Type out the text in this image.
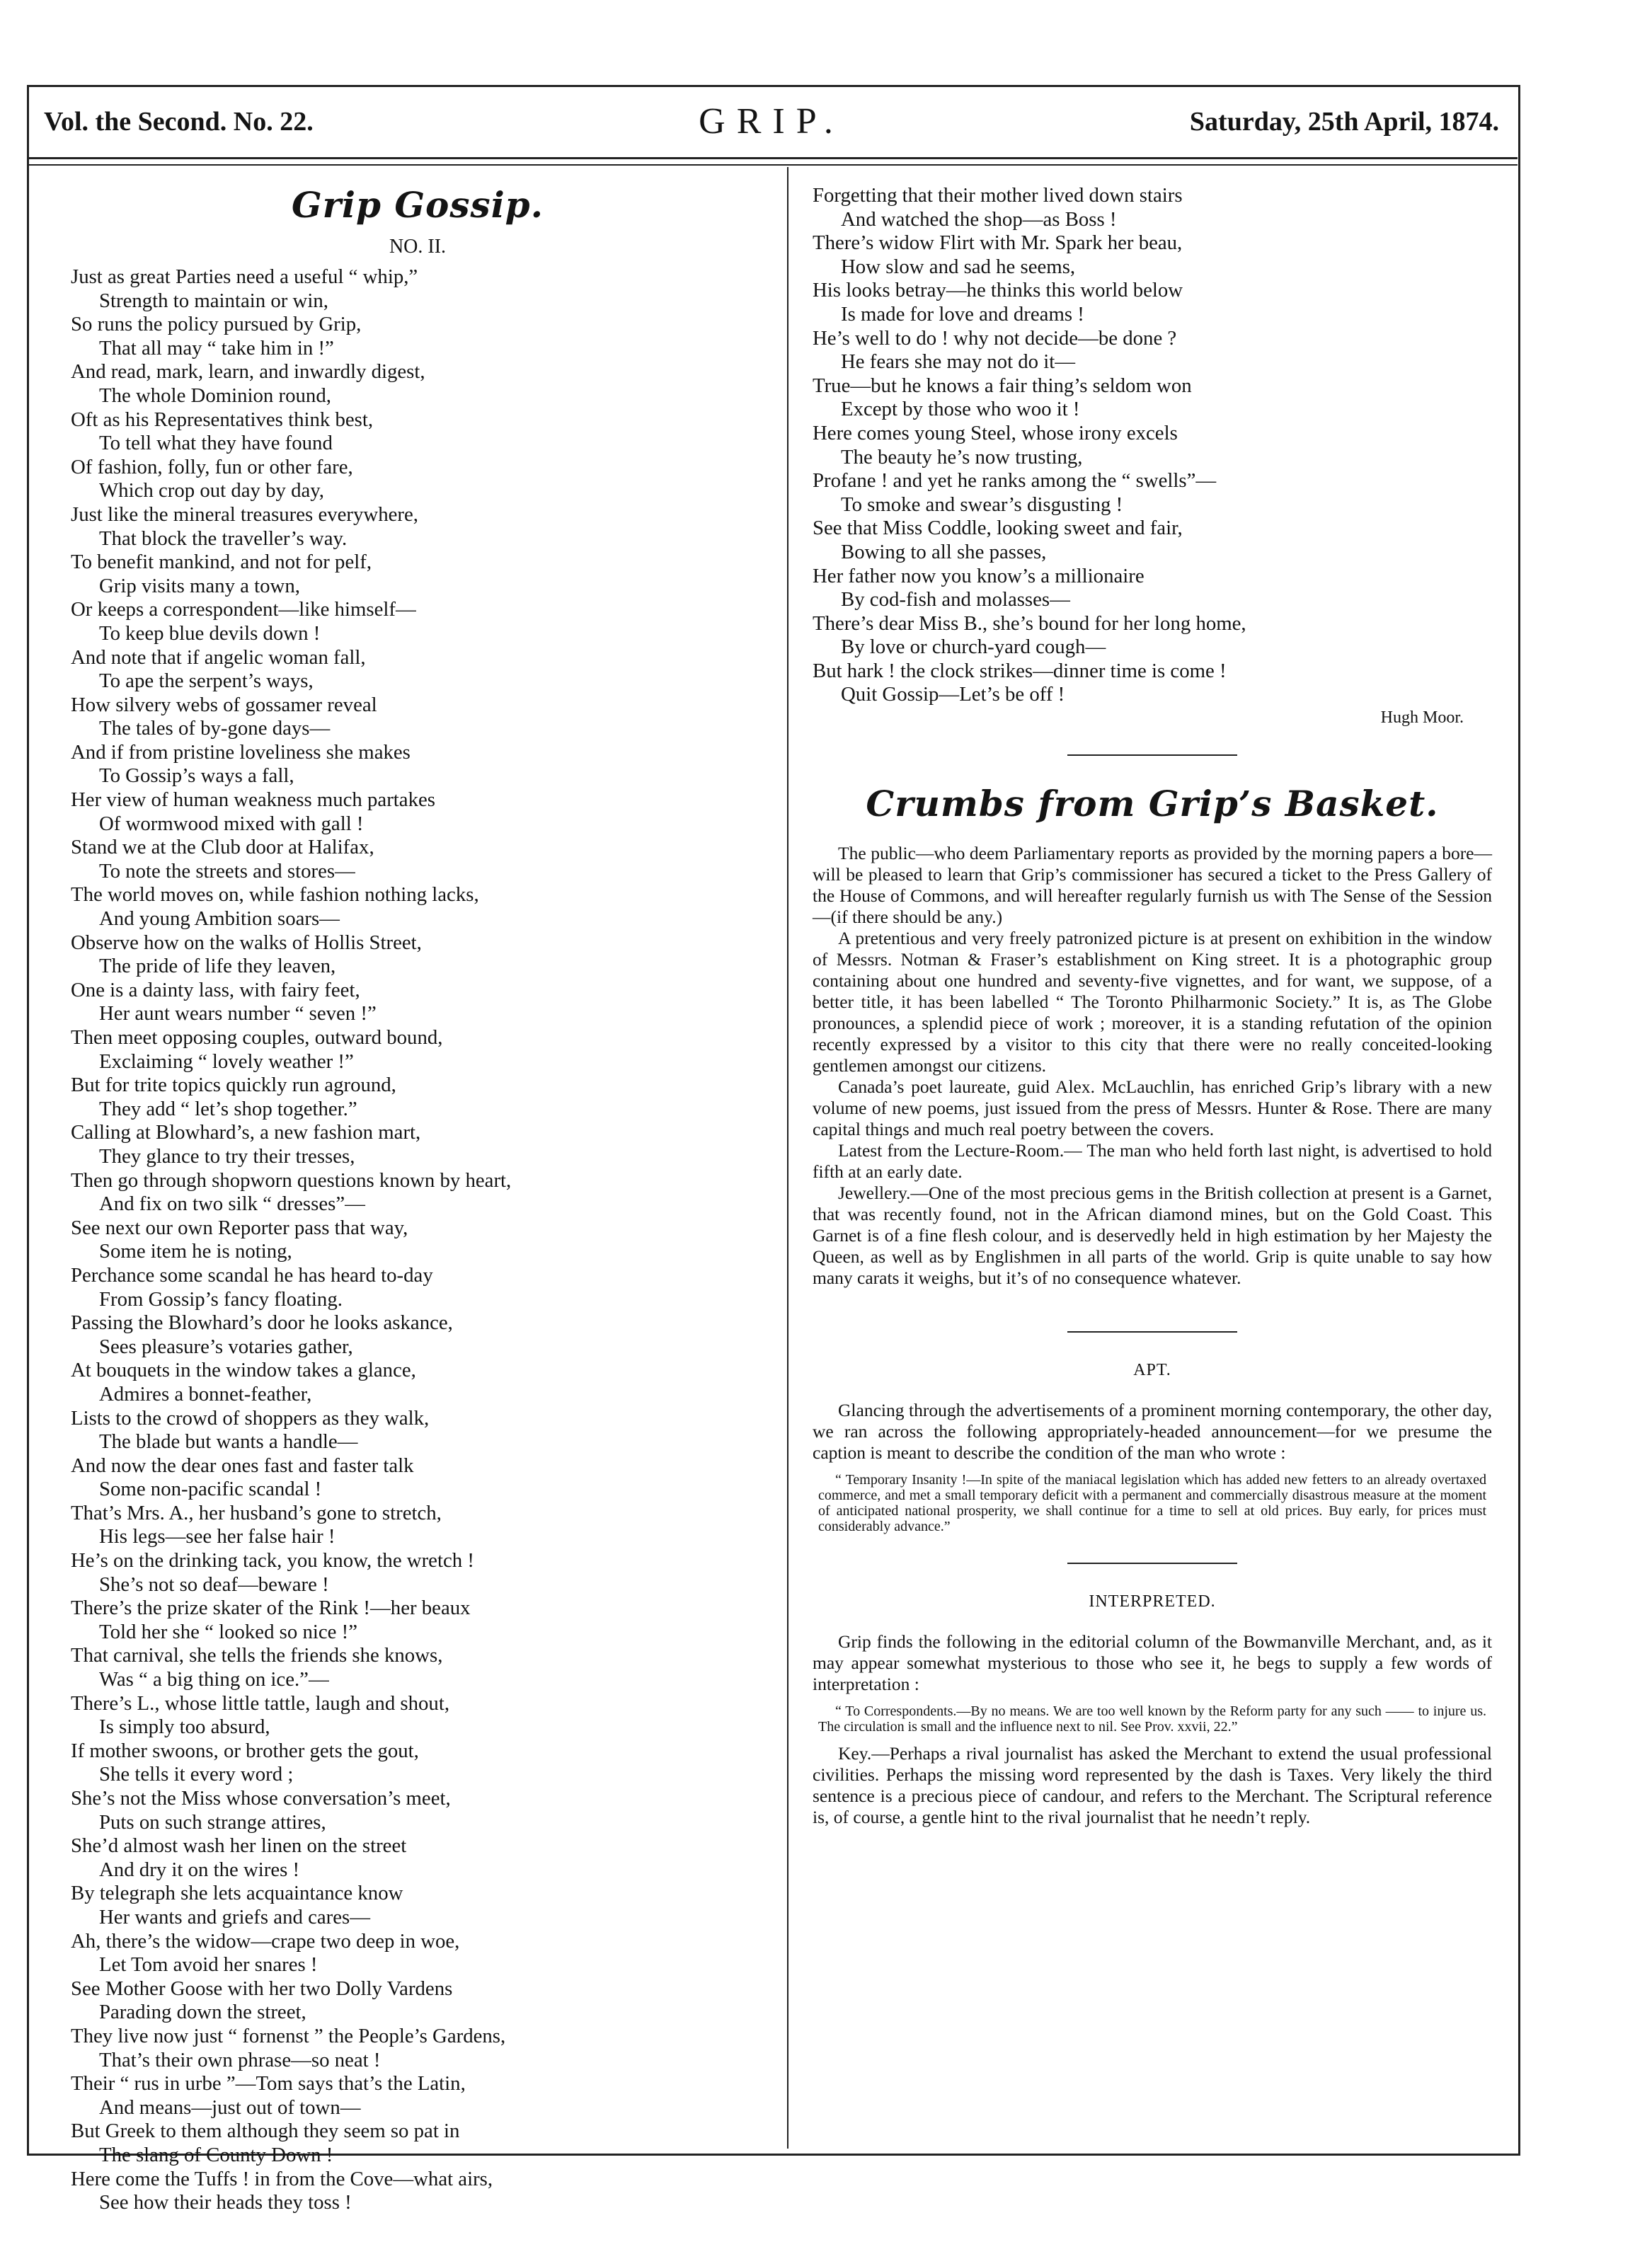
Vol. the Second. No. 22.	GRIP.	Saturday, 25th April, 1874.
Grip Gossip.
NO. II.
Just as great Parties need a useful “ whip,”
Strength to maintain or win,
So runs the policy pursued by Grip,
That all may “ take him in !”
And read, mark, learn, and inwardly digest,
The whole Dominion round,
Oft as his Representatives think best,
To tell what they have found
Of fashion, folly, fun or other fare,
Which crop out day by day,
Just like the mineral treasures everywhere,
That block the traveller’s way.
To benefit mankind, and not for pelf,
Grip visits many a town,
Or keeps a correspondent—like himself—
To keep blue devils down !
And note that if angelic woman fall,
To ape the serpent’s ways,
How silvery webs of gossamer reveal
The tales of by-gone days—
And if from pristine loveliness she makes
To Gossip’s ways a fall,
Her view of human weakness much partakes
Of wormwood mixed with gall !
Stand we at the Club door at Halifax,
To note the streets and stores—
The world moves on, while fashion nothing lacks,
And young Ambition soars—
Observe how on the walks of Hollis Street,
The pride of life they leaven,
One is a dainty lass, with fairy feet,
Her aunt wears number “ seven !”
Then meet opposing couples, outward bound,
Exclaiming “ lovely weather !”
But for trite topics quickly run aground,
They add “ let’s shop together.”
Calling at Blowhard’s, a new fashion mart,
They glance to try their tresses,
Then go through shopworn questions known by heart,
And fix on two silk “ dresses”—
See next our own Reporter pass that way,
Some item he is noting,
Perchance some scandal he has heard to-day
From Gossip’s fancy floating.
Passing the Blowhard’s door he looks askance,
Sees pleasure’s votaries gather,
At bouquets in the window takes a glance,
Admires a bonnet-feather,
Lists to the crowd of shoppers as they walk,
The blade but wants a handle—
And now the dear ones fast and faster talk
Some non-pacific scandal !
That’s Mrs. A., her husband’s gone to stretch,
His legs—see her false hair !
He’s on the drinking tack, you know, the wretch !
She’s not so deaf—beware !
There’s the prize skater of the Rink !—her beaux
Told her she “ looked so nice !”
That carnival, she tells the friends she knows,
Was “ a big thing on ice.”—
There’s L., whose little tattle, laugh and shout,
Is simply too absurd,
If mother swoons, or brother gets the gout,
She tells it every word ;
She’s not the Miss whose conversation’s meet,
Puts on such strange attires,
She’d almost wash her linen on the street
And dry it on the wires !
By telegraph she lets acquaintance know
Her wants and griefs and cares—
Ah, there’s the widow—crape two deep in woe,
Let Tom avoid her snares !
See Mother Goose with her two Dolly Vardens
Parading down the street,
They live now just “ fornenst ” the People’s Gardens,
That’s their own phrase—so neat !
Their “ rus in urbe ”—Tom says that’s the Latin,
And means—just out of town—
But Greek to them although they seem so pat in
The slang of County Down !
Here come the Tuffs ! in from the Cove—what airs,
See how their heads they toss !
Forgetting that their mother lived down stairs
And watched the shop—as Boss !
There’s widow Flirt with Mr. Spark her beau,
How slow and sad he seems,
His looks betray—he thinks this world below
Is made for love and dreams !
He’s well to do ! why not decide—be done ?
He fears she may not do it—
True—but he knows a fair thing’s seldom won
Except by those who woo it !
Here comes young Steel, whose irony excels
The beauty he’s now trusting,
Profane ! and yet he ranks among the “ swells”—
To smoke and swear’s disgusting !
See that Miss Coddle, looking sweet and fair,
Bowing to all she passes,
Her father now you know’s a millionaire
By cod-fish and molasses—
There’s dear Miss B., she’s bound for her long home,
By love or church-yard cough—
But hark ! the clock strikes—dinner time is come !
Quit Gossip—Let’s be off !
Hugh Moor.
Crumbs from Grip’s Basket.

The public—who deem Parliamentary reports as provided by the morning papers a bore—will be pleased to learn that Grip’s commissioner has secured a ticket to the Press Gallery of the House of Commons, and will hereafter regularly furnish us with The Sense of the Session—(if there should be any.)

A pretentious and very freely patronized picture is at present on exhibition in the window of Messrs. Notman & Fraser’s establishment on King street. It is a photographic group containing about one hundred and seventy-five vignettes, and for want, we suppose, of a better title, it has been labelled “ The Toronto Philharmonic Society.” It is, as The Globe pronounces, a splendid piece of work ; moreover, it is a standing refutation of the opinion recently expressed by a visitor to this city that there were no really conceited-looking gentlemen amongst our citizens.

Canada’s poet laureate, guid Alex. McLauchlin, has enriched Grip’s library with a new volume of new poems, just issued from the press of Messrs. Hunter & Rose. There are many capital things and much real poetry between the covers.

Latest from the Lecture-Room.— The man who held forth last night, is advertised to hold fifth at an early date.

Jewellery.—One of the most precious gems in the British collection at present is a Garnet, that was recently found, not in the African diamond mines, but on the Gold Coast. This Garnet is of a fine flesh colour, and is deservedly held in high estimation by her Majesty the Queen, as well as by Englishmen in all parts of the world. Grip is quite unable to say how many carats it weighs, but it’s of no consequence whatever.

APT.

Glancing through the advertisements of a prominent morning contemporary, the other day, we ran across the following appropriately-headed announcement—for we presume the caption is meant to describe the condition of the man who wrote :

“ Temporary Insanity !—In spite of the maniacal legislation which has added new fetters to an already overtaxed commerce, and met a small temporary deficit with a permanent and commercially disastrous measure at the moment of anticipated national prosperity, we shall continue for a time to sell at old prices. Buy early, for prices must considerably advance.”
INTERPRETED.

Grip finds the following in the editorial column of the Bowmanville Merchant, and, as it may appear somewhat mysterious to those who see it, he begs to supply a few words of interpretation :

“ To Correspondents.—By no means. We are too well known by the Reform party for any such —— to injure us. The circulation is small and the influence next to nil. See Prov. xxvii, 22.”

Key.—Perhaps a rival journalist has asked the Merchant to extend the usual professional civilities. Perhaps the missing word represented by the dash is Taxes. Very likely the third sentence is a precious piece of candour, and refers to the Merchant. The Scriptural reference is, of course, a gentle hint to the rival journalist that he needn’t reply.
